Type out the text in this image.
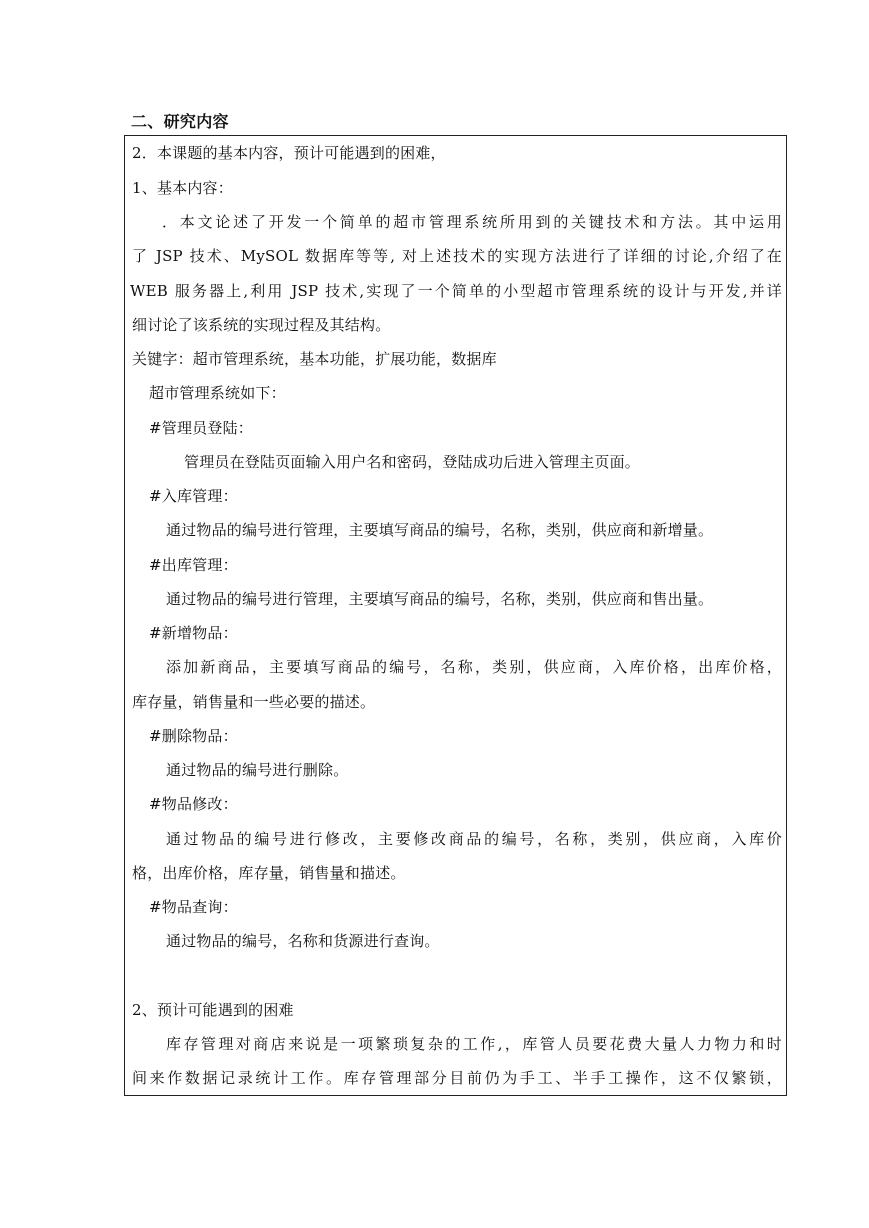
二、研究内容
2．本课题的基本内容，预计可能遇到的困难，
1、基本内容：
．本文论述了开发一个简单的超市管理系统所用到的关键技术和方法。其中运用
了 JSP 技术、MySOL 数据库等等, 对上述技术的实现方法进行了详细的讨论,介绍了在
WEB 服务器上,利用 JSP 技术,实现了一个简单的小型超市管理系统的设计与开发,并详
细讨论了该系统的实现过程及其结构。
关键字：超市管理系统，基本功能，扩展功能，数据库
超市管理系统如下：
#管理员登陆：
管理员在登陆页面输入用户名和密码，登陆成功后进入管理主页面。
#入库管理：
通过物品的编号进行管理，主要填写商品的编号，名称，类别，供应商和新增量。
#出库管理：
通过物品的编号进行管理，主要填写商品的编号，名称，类别，供应商和售出量。
#新增物品：
添加新商品，主要填写商品的编号，名称，类别，供应商，入库价格，出库价格，
库存量，销售量和一些必要的描述。
#删除物品：
通过物品的编号进行删除。
#物品修改：
通过物品的编号进行修改，主要修改商品的编号，名称，类别，供应商，入库价
格，出库价格，库存量，销售量和描述。
#物品查询：
通过物品的编号，名称和货源进行查询。
2、预计可能遇到的困难
库存管理对商店来说是一项繁琐复杂的工作,，库管人员要花费大量人力物力和时
间来作数据记录统计工作。库存管理部分目前仍为手工、半手工操作，这不仅繁锁，
